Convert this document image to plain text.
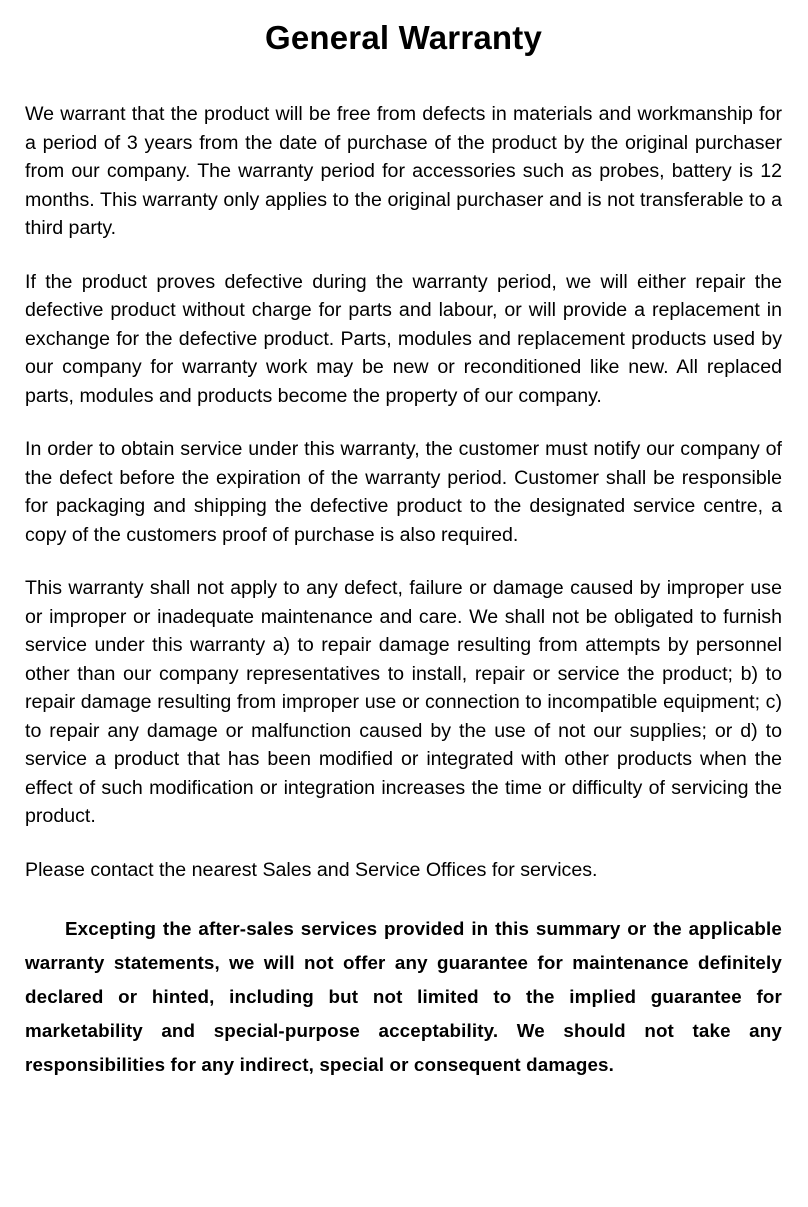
General Warranty

We warrant that the product will be free from defects in materials and workmanship for a period of 3 years from the date of purchase of the product by the original purchaser from our company. The warranty period for accessories such as probes, battery is 12 months. This warranty only applies to the original purchaser and is not transferable to a third party.

If the product proves defective during the warranty period, we will either repair the defective product without charge for parts and labour, or will provide a replacement in exchange for the defective product. Parts, modules and replacement products used by our company for warranty work may be new or reconditioned like new. All replaced parts, modules and products become the property of our company.

In order to obtain service under this warranty, the customer must notify our company of the defect before the expiration of the warranty period. Customer shall be responsible for packaging and shipping the defective product to the designated service centre, a copy of the customers proof of purchase is also required.

This warranty shall not apply to any defect, failure or damage caused by improper use or improper or inadequate maintenance and care. We shall not be obligated to furnish service under this warranty a) to repair damage resulting from attempts by personnel other than our company representatives to install, repair or service the product; b) to repair damage resulting from improper use or connection to incompatible equipment; c) to repair any damage or malfunction caused by the use of not our supplies; or d) to service a product that has been modified or integrated with other products when the effect of such modification or integration increases the time or difficulty of servicing the product.

Please contact the nearest Sales and Service Offices for services.

Excepting the after-sales services provided in this summary or the applicable warranty statements, we will not offer any guarantee for maintenance definitely declared or hinted, including but not limited to the implied guarantee for marketability and special-purpose acceptability. We should not take any responsibilities for any indirect, special or consequent damages.
